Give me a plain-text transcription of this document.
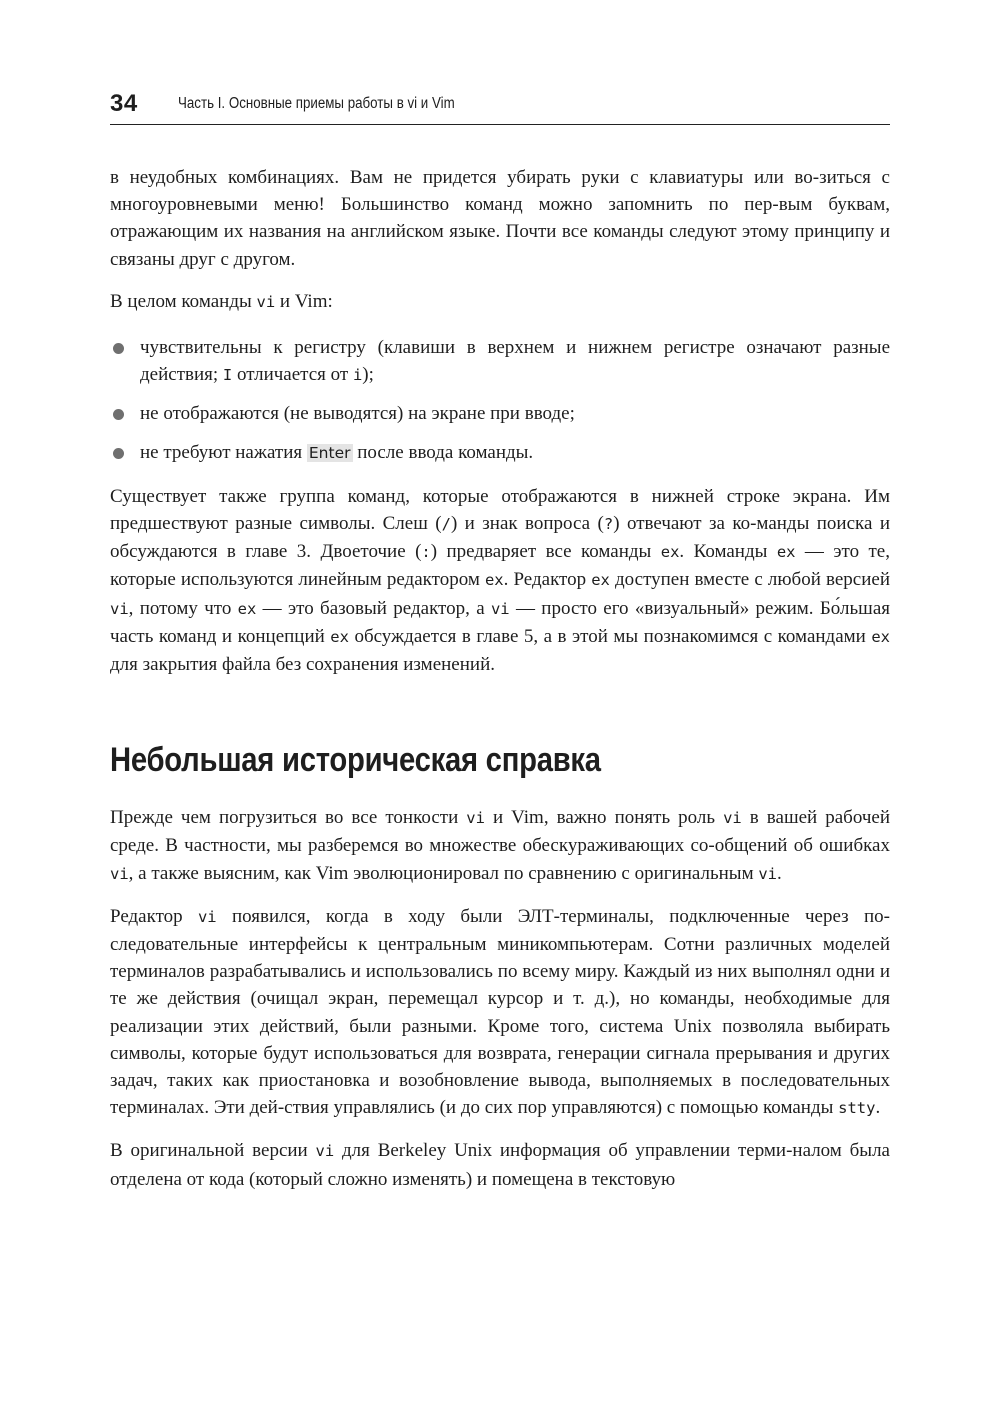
34	Часть I. Основные приемы работы в vi и Vim

в неудобных комбинациях. Вам не придется убирать руки с клавиатуры или во-зиться с многоуровневыми меню! Большинство команд можно запомнить по пер-вым буквам, отражающим их названия на английском языке. Почти все команды следуют этому принципу и связаны друг с другом.

В целом команды vi и Vim:

чувствительны к регистру (клавиши в верхнем и нижнем регистре означают разные действия; I отличается от i);
не отображаются (не выводятся) на экране при вводе;
не требуют нажатия Enter после ввода команды.

Существует также группа команд, которые отображаются в нижней строке экрана. Им предшествуют разные символы. Слеш (/) и знак вопроса (?) отвечают за ко-манды поиска и обсуждаются в главе 3. Двоеточие (:) предваряет все команды ex. Команды ex — это те, которые используются линейным редактором ex. Редактор ex доступен вместе с любой версией vi, потому что ex — это базовый редактор, а vi — просто его «визуальный» режим. Бо́льшая часть команд и концепций ex обсуждается в главе 5, а в этой мы познакомимся с командами ex для закрытия файла без сохранения изменений.

Небольшая историческая справка

Прежде чем погрузиться во все тонкости vi и Vim, важно понять роль vi в вашей рабочей среде. В частности, мы разберемся во множестве обескураживающих со-общений об ошибках vi, а также выясним, как Vim эволюционировал по сравнению с оригинальным vi.

Редактор vi появился, когда в ходу были ЭЛТ-терминалы, подключенные через по-следовательные интерфейсы к центральным миникомпьютерам. Сотни различных моделей терминалов разрабатывались и использовались по всему миру. Каждый из них выполнял одни и те же действия (очищал экран, перемещал курсор и т. д.), но команды, необходимые для реализации этих действий, были разными. Кроме того, система Unix позволяла выбирать символы, которые будут использоваться для возврата, генерации сигнала прерывания и других задач, таких как приостановка и возобновление вывода, выполняемых в последовательных терминалах. Эти дей-ствия управлялись (и до сих пор управляются) с помощью команды stty.

В оригинальной версии vi для Berkeley Unix информация об управлении терми-налом была отделена от кода (который сложно изменять) и помещена в текстовую
